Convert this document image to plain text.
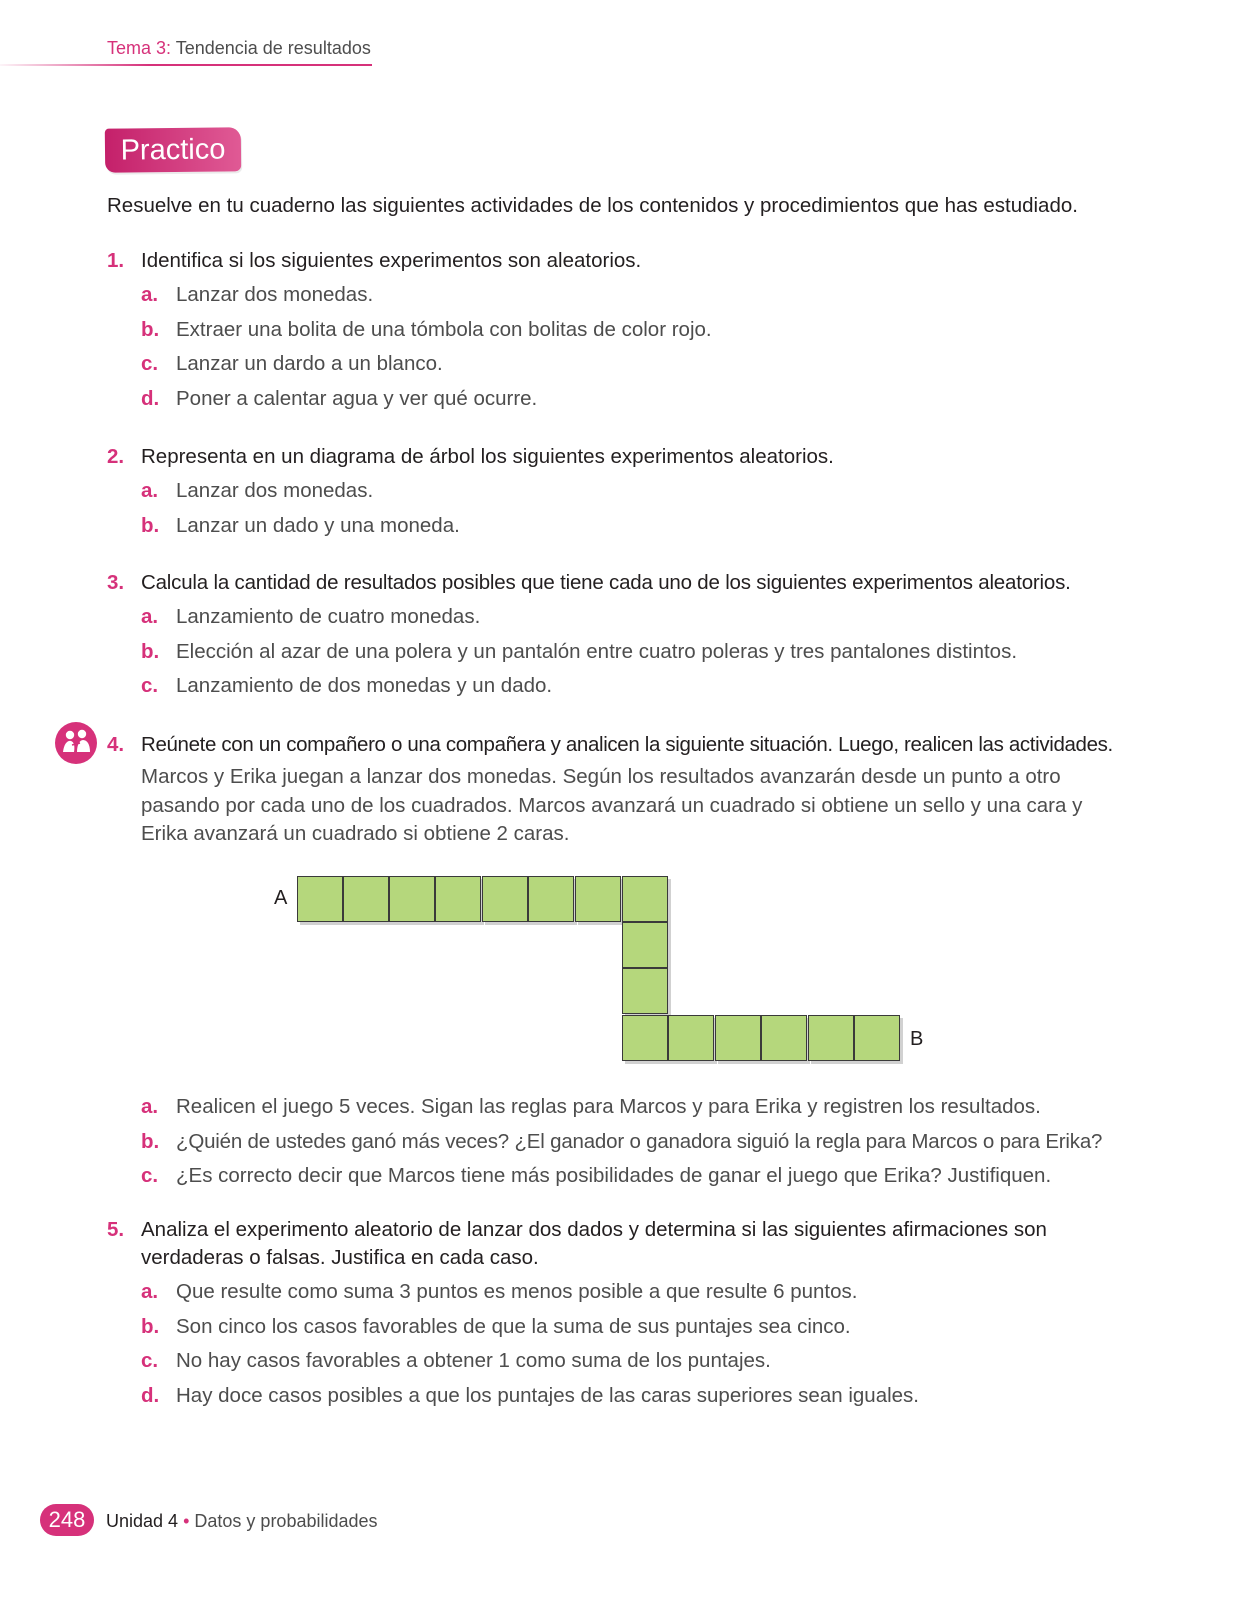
Tema 3: Tendencia de resultados
Practico
Resuelve en tu cuaderno las siguientes actividades de los contenidos y procedimientos que has estudiado.
1. Identifica si los siguientes experimentos son aleatorios.
a. Lanzar dos monedas.
b. Extraer una bolita de una tómbola con bolitas de color rojo.
c. Lanzar un dardo a un blanco.
d. Poner a calentar agua y ver qué ocurre.
2. Representa en un diagrama de árbol los siguientes experimentos aleatorios.
a. Lanzar dos monedas.
b. Lanzar un dado y una moneda.
3. Calcula la cantidad de resultados posibles que tiene cada uno de los siguientes experimentos aleatorios.
a. Lanzamiento de cuatro monedas.
b. Elección al azar de una polera y un pantalón entre cuatro poleras y tres pantalones distintos.
c. Lanzamiento de dos monedas y un dado.
4. Reúnete con un compañero o una compañera y analicen la siguiente situación. Luego, realicen las actividades.
Marcos y Erika juegan a lanzar dos monedas. Según los resultados avanzarán desde un punto a otro pasando por cada uno de los cuadrados. Marcos avanzará un cuadrado si obtiene un sello y una cara y Erika avanzará un cuadrado si obtiene 2 caras.
A
B
a. Realicen el juego 5 veces. Sigan las reglas para Marcos y para Erika y registren los resultados.
b. ¿Quién de ustedes ganó más veces? ¿El ganador o ganadora siguió la regla para Marcos o para Erika?
c. ¿Es correcto decir que Marcos tiene más posibilidades de ganar el juego que Erika? Justifiquen.
5. Analiza el experimento aleatorio de lanzar dos dados y determina si las siguientes afirmaciones son verdaderas o falsas. Justifica en cada caso.
a. Que resulte como suma 3 puntos es menos posible a que resulte 6 puntos.
b. Son cinco los casos favorables de que la suma de sus puntajes sea cinco.
c. No hay casos favorables a obtener 1 como suma de los puntajes.
d. Hay doce casos posibles a que los puntajes de las caras superiores sean iguales.
248	Unidad 4 • Datos y probabilidades
